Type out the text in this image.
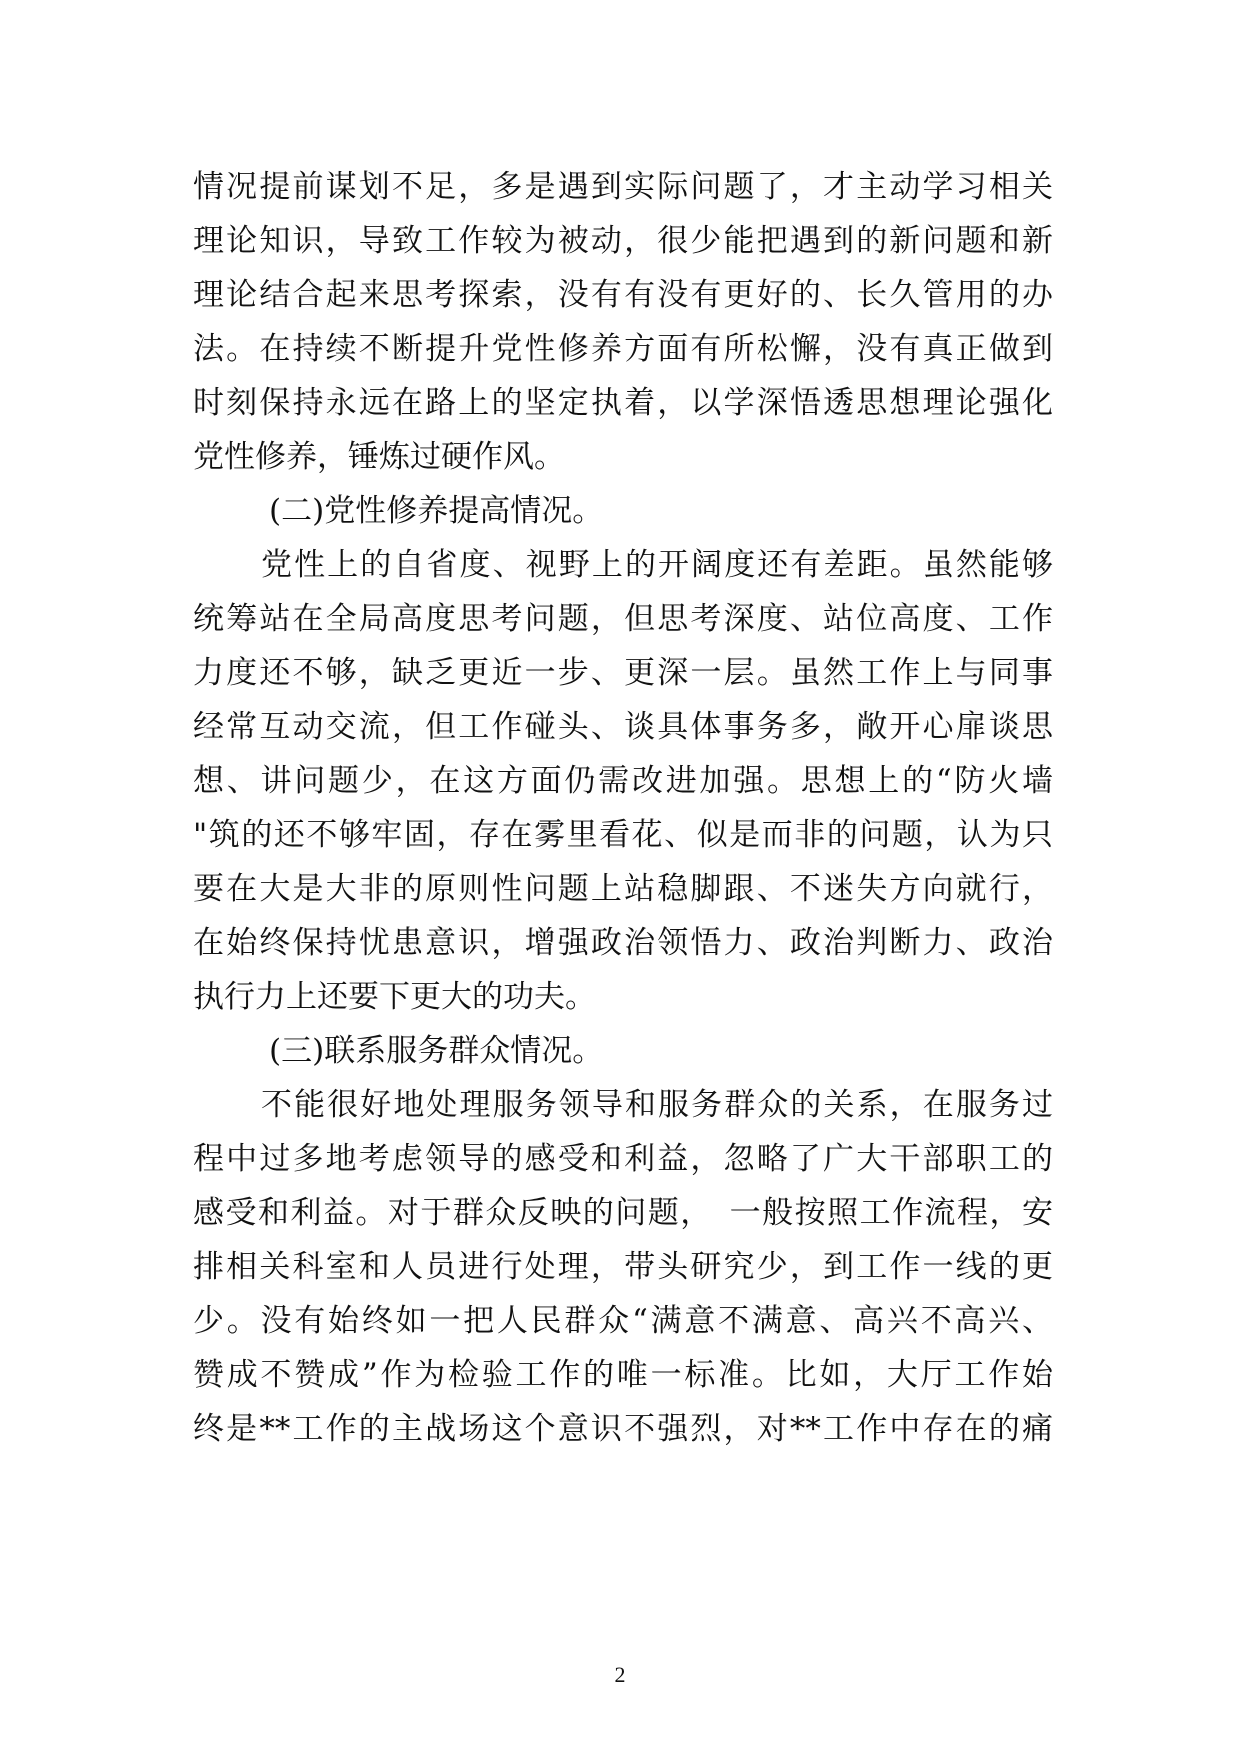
情况提前谋划不足，多是遇到实际问题了，才主动学习相关
理论知识，导致工作较为被动，很少能把遇到的新问题和新
理论结合起来思考探索，没有有没有更好的、长久管用的办
法。在持续不断提升党性修养方面有所松懈，没有真正做到
时刻保持永远在路上的坚定执着，以学深悟透思想理论强化
党性修养，锤炼过硬作风。
(二)党性修养提高情况。
党性上的自省度、视野上的开阔度还有差距。虽然能够
统筹站在全局高度思考问题，但思考深度、站位高度、工作
力度还不够，缺乏更近一步、更深一层。虽然工作上与同事
经常互动交流，但工作碰头、谈具体事务多，敞开心扉谈思
想、讲问题少，在这方面仍需改进加强。思想上的“防火墙
"筑的还不够牢固，存在雾里看花、似是而非的问题，认为只
要在大是大非的原则性问题上站稳脚跟、不迷失方向就行，
在始终保持忧患意识，增强政治领悟力、政治判断力、政治
执行力上还要下更大的功夫。
(三)联系服务群众情况。
不能很好地处理服务领导和服务群众的关系，在服务过
程中过多地考虑领导的感受和利益，忽略了广大干部职工的
感受和利益。对于群众反映的问题，　一般按照工作流程，安
排相关科室和人员进行处理，带头研究少，到工作一线的更
少。没有始终如一把人民群众“满意不满意、高兴不高兴、
赞成不赞成”作为检验工作的唯一标准。比如，大厅工作始
终是**工作的主战场这个意识不强烈，对**工作中存在的痛
2
